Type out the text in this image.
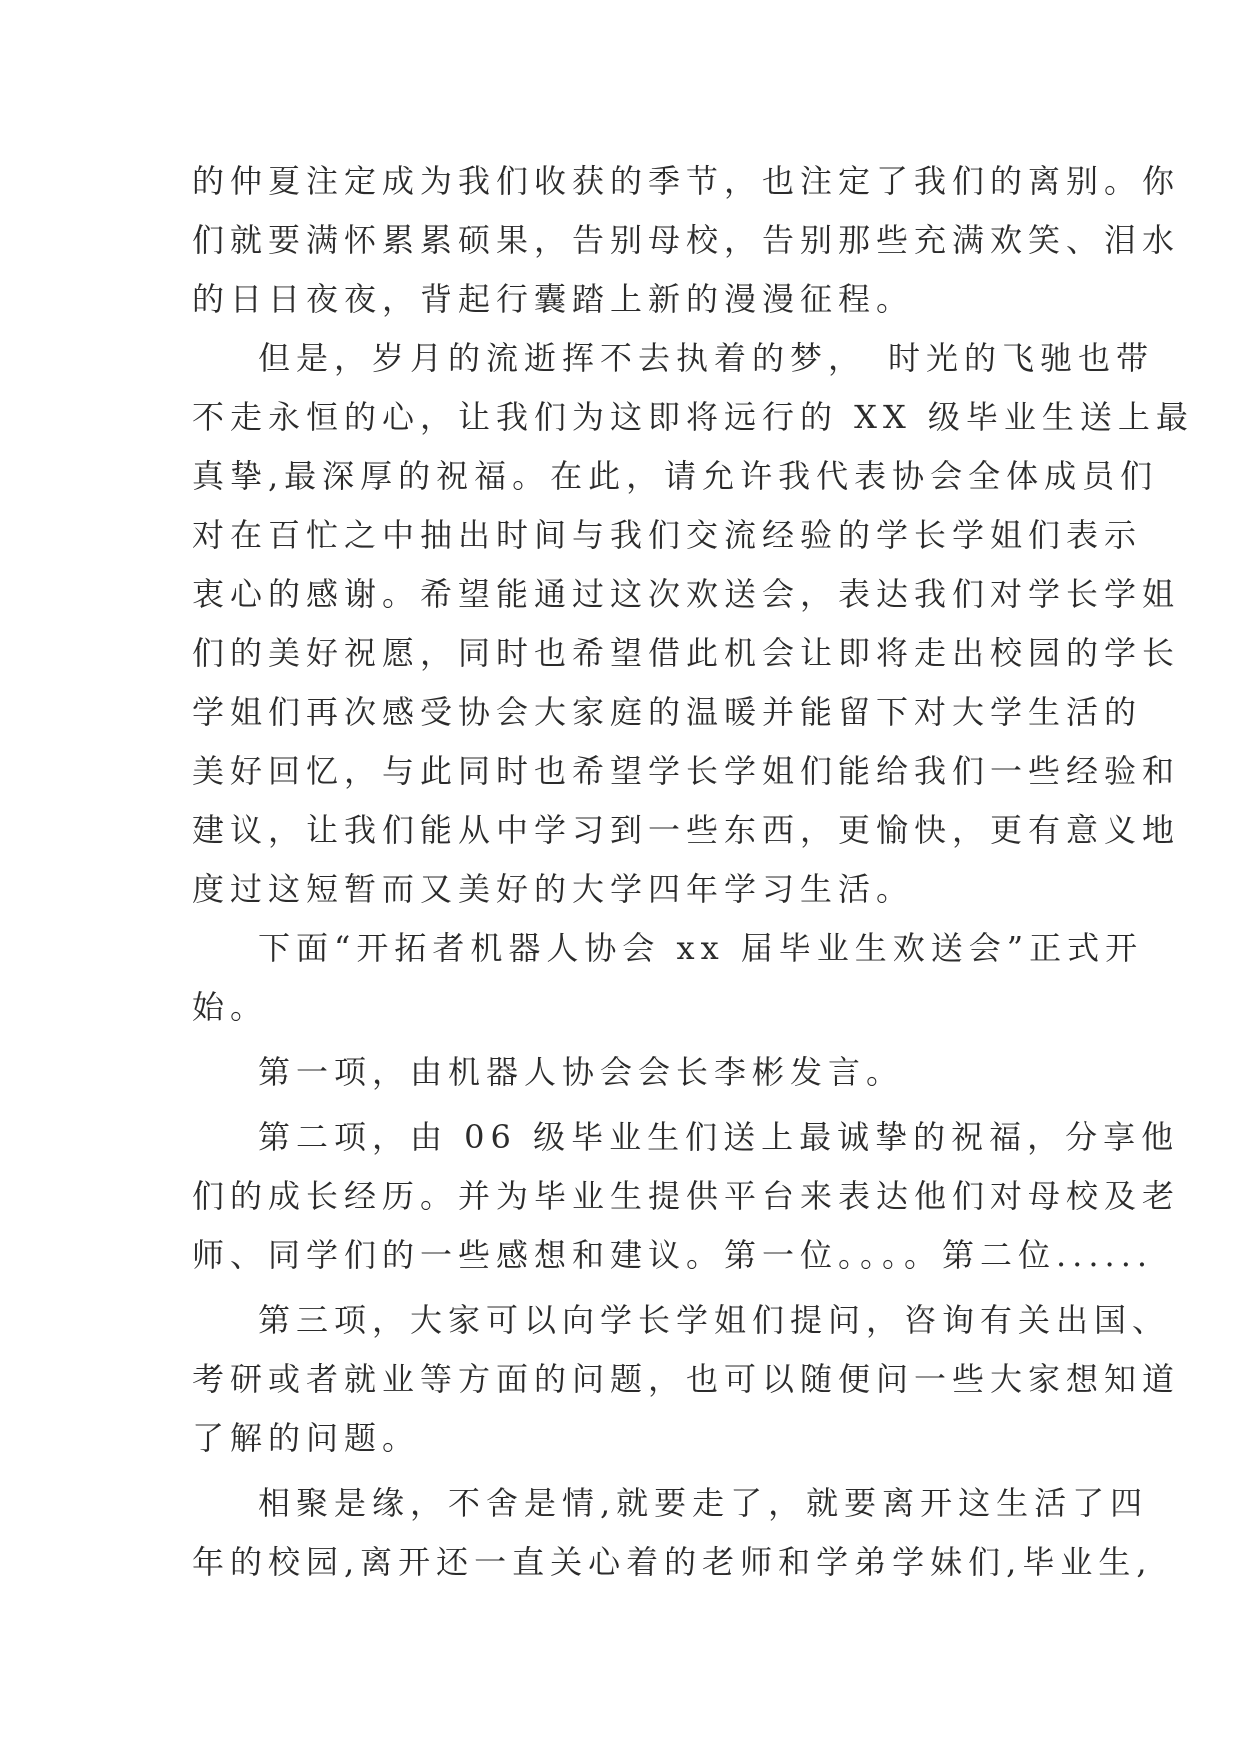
的仲夏注定成为我们收获的季节，也注定了我们的离别。你
们就要满怀累累硕果，告别母校，告别那些充满欢笑、泪水
的日日夜夜，背起行囊踏上新的漫漫征程。
但是，岁月的流逝挥不去执着的梦，　时光的飞驰也带
不走永恒的心，让我们为这即将远行的 XX 级毕业生送上最
真挚,最深厚的祝福。在此，请允许我代表协会全体成员们
对在百忙之中抽出时间与我们交流经验的学长学姐们表示
衷心的感谢。希望能通过这次欢送会，表达我们对学长学姐
们的美好祝愿，同时也希望借此机会让即将走出校园的学长
学姐们再次感受协会大家庭的温暖并能留下对大学生活的
美好回忆，与此同时也希望学长学姐们能给我们一些经验和
建议，让我们能从中学习到一些东西，更愉快，更有意义地
度过这短暂而又美好的大学四年学习生活。
下面“开拓者机器人协会 xx 届毕业生欢送会”正式开
始。
第一项，由机器人协会会长李彬发言。
第二项，由 06 级毕业生们送上最诚挚的祝福，分享他
们的成长经历。并为毕业生提供平台来表达他们对母校及老
师、同学们的一些感想和建议。第一位。。。。第二位......
第三项，大家可以向学长学姐们提问，咨询有关出国、
考研或者就业等方面的问题，也可以随便问一些大家想知道
了解的问题。
相聚是缘，不舍是情,就要走了，就要离开这生活了四
年的校园,离开还一直关心着的老师和学弟学妹们,毕业生,
